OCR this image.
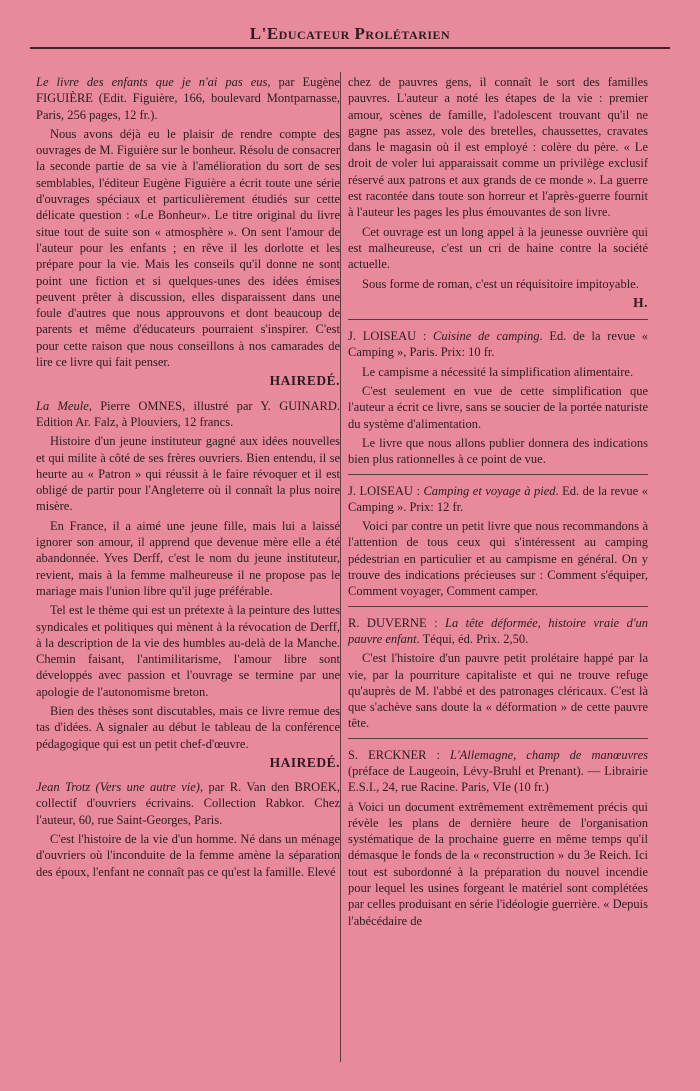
L'Educateur Prolétarien

Le livre des enfants que je n'ai pas eus, par Eugène FIGUIÈRE (Edit. Figuière, 166, boulevard Montparnasse, Paris, 256 pages, 12 fr.).

Nous avons déjà eu le plaisir de rendre compte des ouvrages de M. Figuière sur le bonheur. Résolu de consacrer la seconde partie de sa vie à l'amélioration du sort de ses semblables, l'éditeur Eugène Figuière a écrit toute une série d'ouvrages spéciaux et particulièrement étudiés sur cette délicate question : «Le Bonheur». Le titre original du livre situe tout de suite son « atmosphère ». On sent l'amour de l'auteur pour les enfants ; en rêve il les dorlotte et les prépare pour la vie. Mais les conseils qu'il donne ne sont point une fiction et si quelques-unes des idées émises peuvent prêter à discussion, elles disparaissent dans une foule d'autres que nous approuvons et dont beaucoup de parents et même d'éducateurs pourraient s'inspirer. C'est pour cette raison que nous conseillons à nos camarades de lire ce livre qui fait penser.

HAIREDÉ.

La Meule, Pierre OMNES, illustré par Y. GUINARD. Edition Ar. Falz, à Plouviers, 12 francs.

Histoire d'un jeune instituteur gagné aux idées nouvelles et qui milite à côté de ses frères ouvriers. Bien entendu, il se heurte au « Patron » qui réussit à le faire révoquer et il est obligé de partir pour l'Angleterre où il connaît la plus noire misère.

En France, il a aimé une jeune fille, mais lui a laissé ignorer son amour, il apprend que devenue mère elle a été abandonnée. Yves Derff, c'est le nom du jeune instituteur, revient, mais à la femme malheureuse il ne propose pas le mariage mais l'union libre qu'il juge préférable.

Tel est le thème qui est un prétexte à la peinture des luttes syndicales et politiques qui mènent à la révocation de Derff, à la description de la vie des humbles au-delà de la Manche. Chemin faisant, l'antimilitarisme, l'amour libre sont développés avec passion et l'ouvrage se termine par une apologie de l'autonomisme breton.

Bien des thèses sont discutables, mais ce livre remue des tas d'idées. A signaler au début le tableau de la conférence pédagogique qui est un petit chef-d'œuvre.

HAIREDÉ.

Jean Trotz (Vers une autre vie), par R. Van den BROEK, collectif d'ouvriers écrivains. Collection Rabkor. Chez l'auteur, 60, rue Saint-Georges, Paris.

C'est l'histoire de la vie d'un homme. Né dans un ménage d'ouvriers où l'inconduite de la femme amène la séparation des époux, l'enfant ne connaît pas ce qu'est la famille. Elevé

chez de pauvres gens, il connaît le sort des familles pauvres. L'auteur a noté les étapes de la vie : premier amour, scènes de famille, l'adolescent trouvant qu'il ne gagne pas assez, vole des bretelles, chaussettes, cravates dans le magasin où il est employé : colère du père. « Le droit de voler lui apparaissait comme un privilège exclusif réservé aux patrons et aux grands de ce monde ». La guerre est racontée dans toute son horreur et l'après-guerre fournit à l'auteur les pages les plus émouvantes de son livre.

Cet ouvrage est un long appel à la jeunesse ouvrière qui est malheureuse, c'est un cri de haine contre la société actuelle.

Sous forme de roman, c'est un réquisitoire impitoyable.

H.

J. LOISEAU : Cuisine de camping. Ed. de la revue « Camping », Paris. Prix: 10 fr.

Le campisme a nécessité la simplification alimentaire.

C'est seulement en vue de cette simplification que l'auteur a écrit ce livre, sans se soucier de la portée naturiste du système d'alimentation.

Le livre que nous allons publier donnera des indications bien plus rationnelles à ce point de vue.

J. LOISEAU : Camping et voyage à pied. Ed. de la revue « Camping ». Prix: 12 fr.

Voici par contre un petit livre que nous recommandons à l'attention de tous ceux qui s'intéressent au camping pédestrian en particulier et au campisme en général. On y trouve des indications précieuses sur : Comment s'équiper, Comment voyager, Comment camper.

R. DUVERNE : La tête déformée, histoire vraie d'un pauvre enfant. Téqui, éd. Prix. 2,50.

C'est l'histoire d'un pauvre petit prolétaire happé par la vie, par la pourriture capitaliste et qui ne trouve refuge qu'auprès de M. l'abbé et des patronages cléricaux. C'est là que s'achève sans doute la « déformation » de cette pauvre tête.

S. ERCKNER : L'Allemagne, champ de manœuvres (préface de Laugeoin, Lévy-Bruhl et Prenant). — Librairie E.S.I., 24, rue Racine. Paris, VIe (10 fr.)

à Voici un document extrêmement extrêmement précis qui révèle les plans de dernière heure de l'organisation systématique de la prochaine guerre en même temps qu'il démasque le fonds de la « reconstruction » du 3e Reich. Ici tout est subordonné à la préparation du nouvel incendie pour lequel les usines forgeant le matériel sont complétées par celles produisant en série l'idéologie guerrière. « Depuis l'abécédaire de
